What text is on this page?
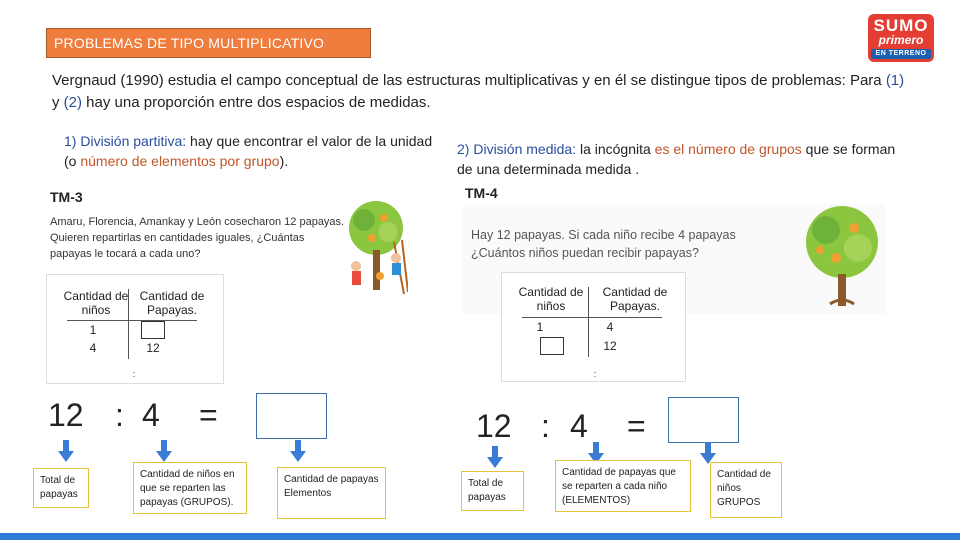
PROBLEMAS DE TIPO MULTIPLICATIVO
SUMO
primero
EN TERRENO
Vergnaud (1990) estudia el campo conceptual de las estructuras multiplicativas y en él se distingue tipos de problemas: Para (1) y (2) hay una proporción entre dos espacios de medidas.
1) División partitiva: hay que encontrar el valor de la unidad (o número de elementos por grupo).
TM-3
Amaru, Florencia, Amankay y León cosecharon 12 papayas. Quieren repartirlas en cantidades iguales, ¿Cuántas papayas le tocará a cada uno?
Cantidad de niños
Cantidad de Papayas.
1
4	12
:
12 : 4 =
Total de papayas
Cantidad de niños en que se reparten las papayas (GRUPOS).
Cantidad de papayas Elementos
2) División medida: la incógnita es el número de grupos que se forman de una determinada medida .
TM-4
Hay 12 papayas. Si cada niño recibe 4 papayas ¿Cuántos niños puedan recibir papayas?
Cantidad de niños
Cantidad de Papayas.
1	4
12
:
12 : 4 =
Total de papayas
Cantidad de papayas que se reparten a cada niño (ELEMENTOS)
Cantidad de niños GRUPOS
